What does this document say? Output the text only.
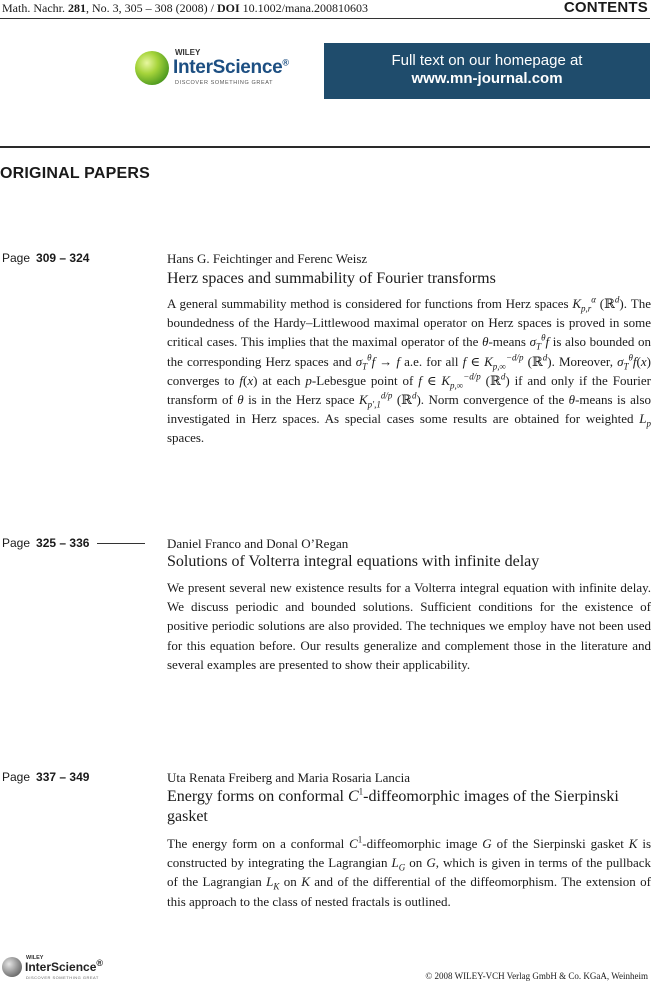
Math. Nachr. 281, No. 3, 305 – 308 (2008) / DOI 10.1002/mana.200810603	CONTENTS
WILEY
InterScience®
DISCOVER SOMETHING GREAT
Full text on our homepage at
www.mn-journal.com
ORIGINAL PAPERS
Page 309 – 324	Hans G. Feichtinger and Ferenc Weisz
Herz spaces and summability of Fourier transforms
A general summability method is considered for functions from Herz spaces $K_{p,r}^\alpha$ (ℝ$^d$). The boundedness of the Hardy–Littlewood maximal operator on Herz spaces is proved in some critical cases. This implies that the maximal operator of the θ-means $\sigma_T^\theta f$ is also bounded on the corresponding Herz spaces and $\sigma_T^\theta f \to f$ a.e. for all f ∈ $K_{p,\infty}^{-d/p}$ (ℝ$^d$). Moreover, $\sigma_T^\theta f(x)$ converges to f(x) at each p-Lebesgue point of f ∈ $K_{p,\infty}^{-d/p}$ (ℝ$^d$) if and only if the Fourier transform of θ is in the Herz space $K_{p',1}^{d/p}$ (ℝ$^d$). Norm convergence of the θ-means is also investigated in Herz spaces. As special cases some results are obtained for weighted $L_p$ spaces.
Page 325 – 336	Daniel Franco and Donal O’Regan
Solutions of Volterra integral equations with infinite delay
We present several new existence results for a Volterra integral equation with infinite delay. We discuss periodic and bounded solutions. Sufficient conditions for the existence of positive periodic solutions are also provided. The techniques we employ have not been used for this equation before. Our results generalize and complement those in the literature and several examples are presented to show their applicability.
Page 337 – 349	Uta Renata Freiberg and Maria Rosaria Lancia
Energy forms on conformal $C^1$-diffeomorphic images of the Sierpinski gasket
The energy form on a conformal $C^1$-diffeomorphic image G of the Sierpinski gasket K is constructed by integrating the Lagrangian $L_G$ on G, which is given in terms of the pullback of the Lagrangian $L_K$ on K and of the differential of the diffeomorphism. The extension of this approach to the class of nested fractals is outlined.
WILEY
InterScience®
DISCOVER SOMETHING GREAT	© 2008 WILEY-VCH Verlag GmbH & Co. KGaA, Weinheim
